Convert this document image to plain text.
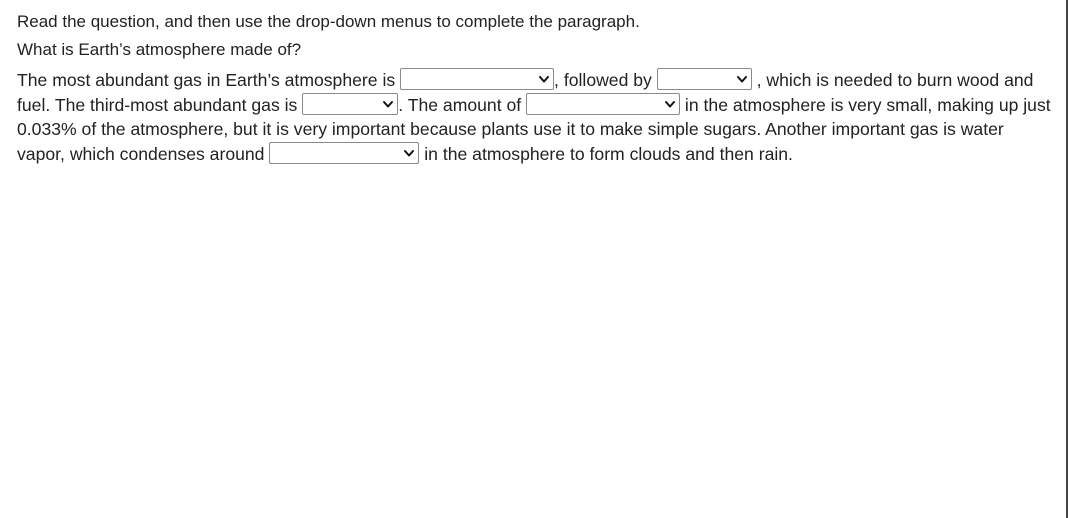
Read the question, and then use the drop-down menus to complete the paragraph.

What is Earth’s atmosphere made of?

The most abundant gas in Earth’s atmosphere is	, followed by	, which is needed to burn wood and fuel. The third-most abundant gas is	. The amount of	in the atmosphere is very small, making up just 0.033% of the atmosphere, but it is very important because plants use it to make simple sugars. Another important gas is water vapor, which condenses around	in the atmosphere to form clouds and then rain.
